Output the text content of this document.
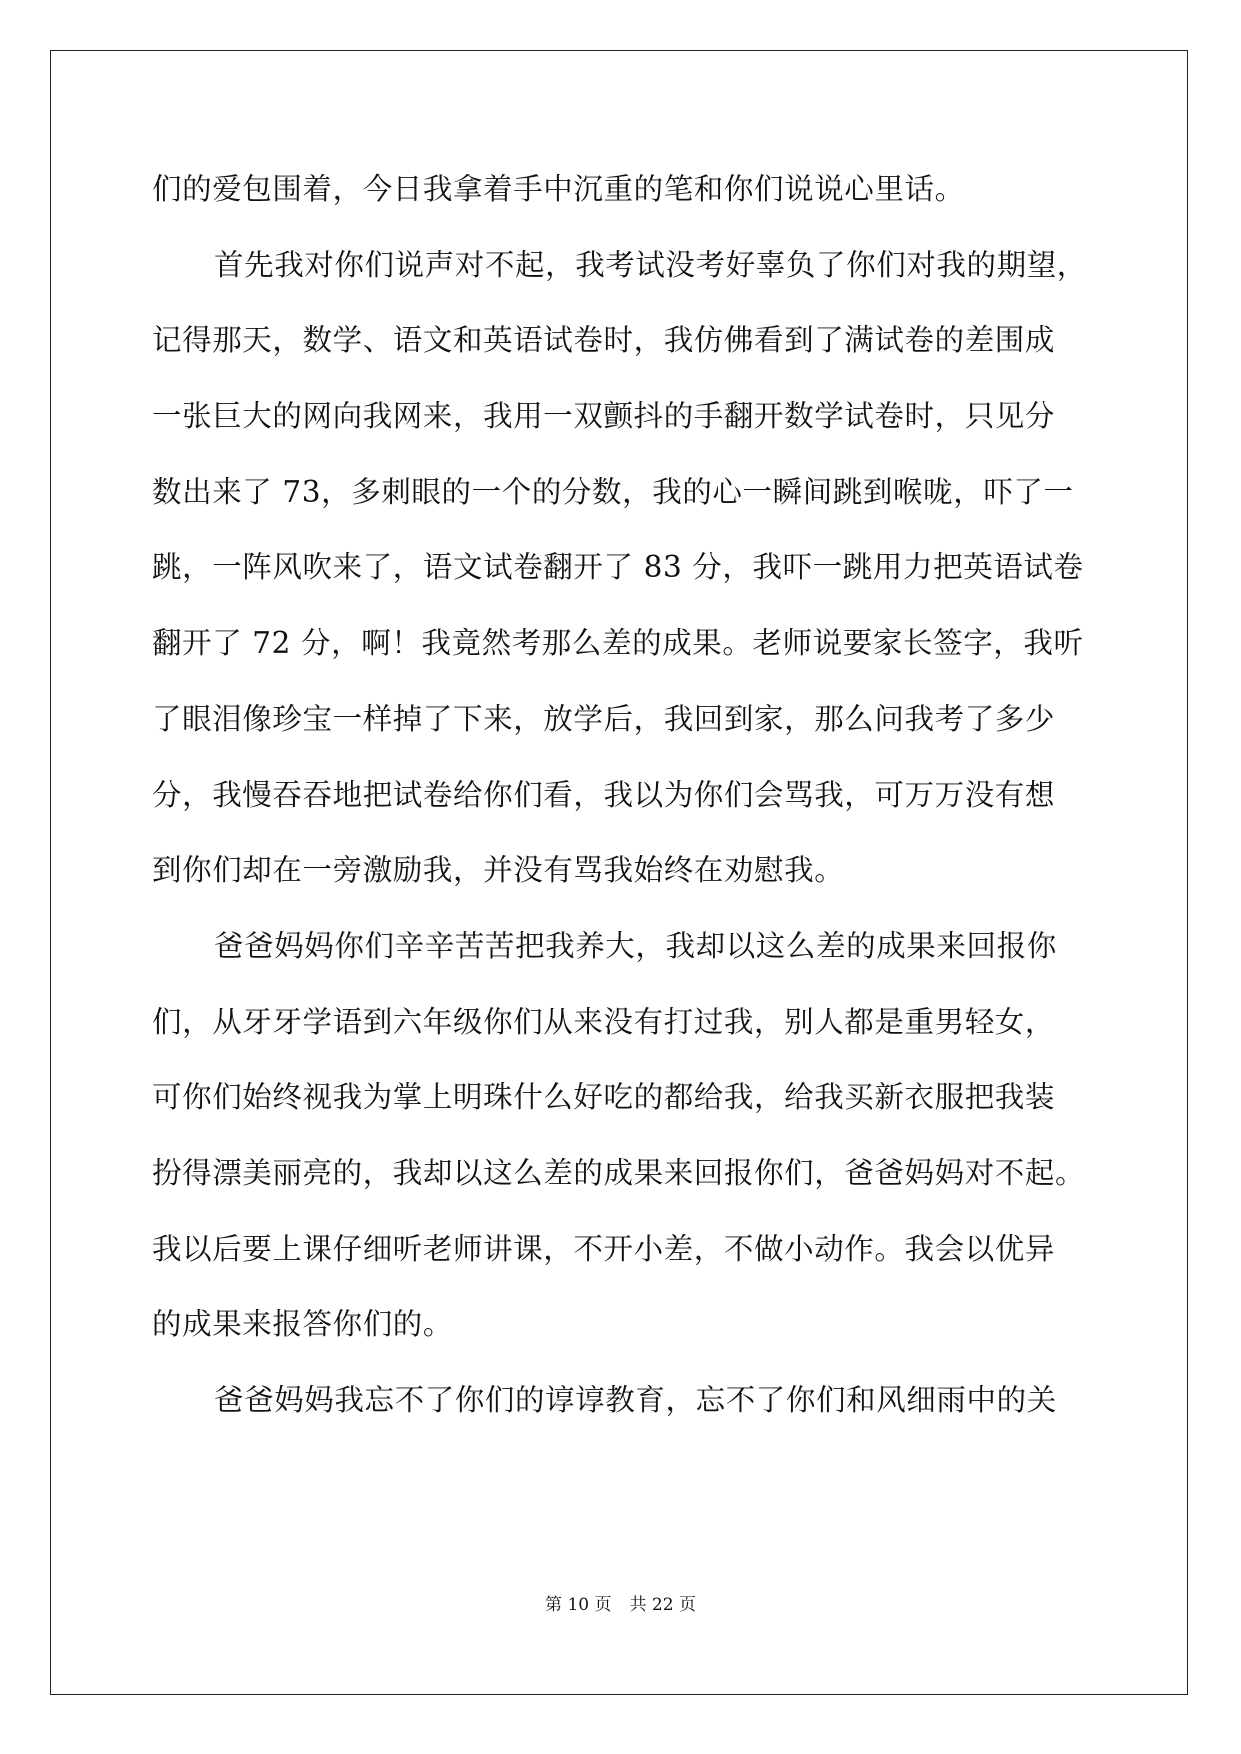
们的爱包围着，今日我拿着手中沉重的笔和你们说说心里话。
首先我对你们说声对不起，我考试没考好辜负了你们对我的期望，
记得那天，数学、语文和英语试卷时，我仿佛看到了满试卷的差围成
一张巨大的网向我网来，我用一双颤抖的手翻开数学试卷时，只见分
数出来了 73，多刺眼的一个的分数，我的心一瞬间跳到喉咙，吓了一
跳，一阵风吹来了，语文试卷翻开了 83 分，我吓一跳用力把英语试卷
翻开了 72 分，啊！我竟然考那么差的成果。老师说要家长签字，我听
了眼泪像珍宝一样掉了下来，放学后，我回到家，那么问我考了多少
分，我慢吞吞地把试卷给你们看，我以为你们会骂我，可万万没有想
到你们却在一旁激励我，并没有骂我始终在劝慰我。
爸爸妈妈你们辛辛苦苦把我养大，我却以这么差的成果来回报你
们，从牙牙学语到六年级你们从来没有打过我，别人都是重男轻女，
可你们始终视我为掌上明珠什么好吃的都给我，给我买新衣服把我装
扮得漂美丽亮的，我却以这么差的成果来回报你们，爸爸妈妈对不起。
我以后要上课仔细听老师讲课，不开小差，不做小动作。我会以优异
的成果来报答你们的。
爸爸妈妈我忘不了你们的谆谆教育，忘不了你们和风细雨中的关
第 10 页 共 22 页
